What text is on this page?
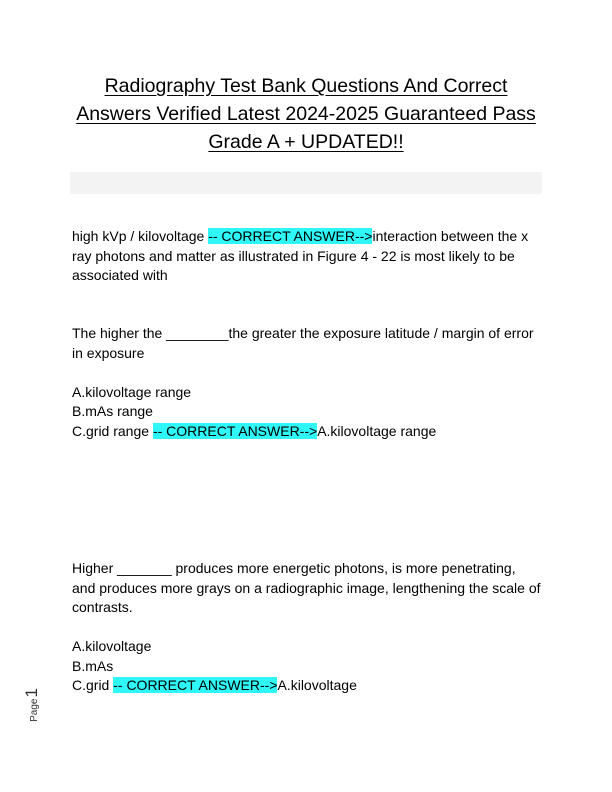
Radiography Test Bank Questions And Correct
Answers Verified Latest 2024-2025 Guaranteed Pass
Grade A + UPDATED!!

high kVp / kilovoltage -- CORRECT ANSWER-->interaction between the x ray photons and matter as illustrated in Figure 4 - 22 is most likely to be associated with

The higher the ________the greater the exposure latitude / margin of error in exposure

A.kilovoltage range

B.mAs range

C.grid range -- CORRECT ANSWER-->A.kilovoltage range

Higher _______ produces more energetic photons, is more penetrating, and produces more grays on a radiographic image, lengthening the scale of contrasts.

A.kilovoltage

B.mAs

C.grid -- CORRECT ANSWER-->A.kilovoltage

Page
1
